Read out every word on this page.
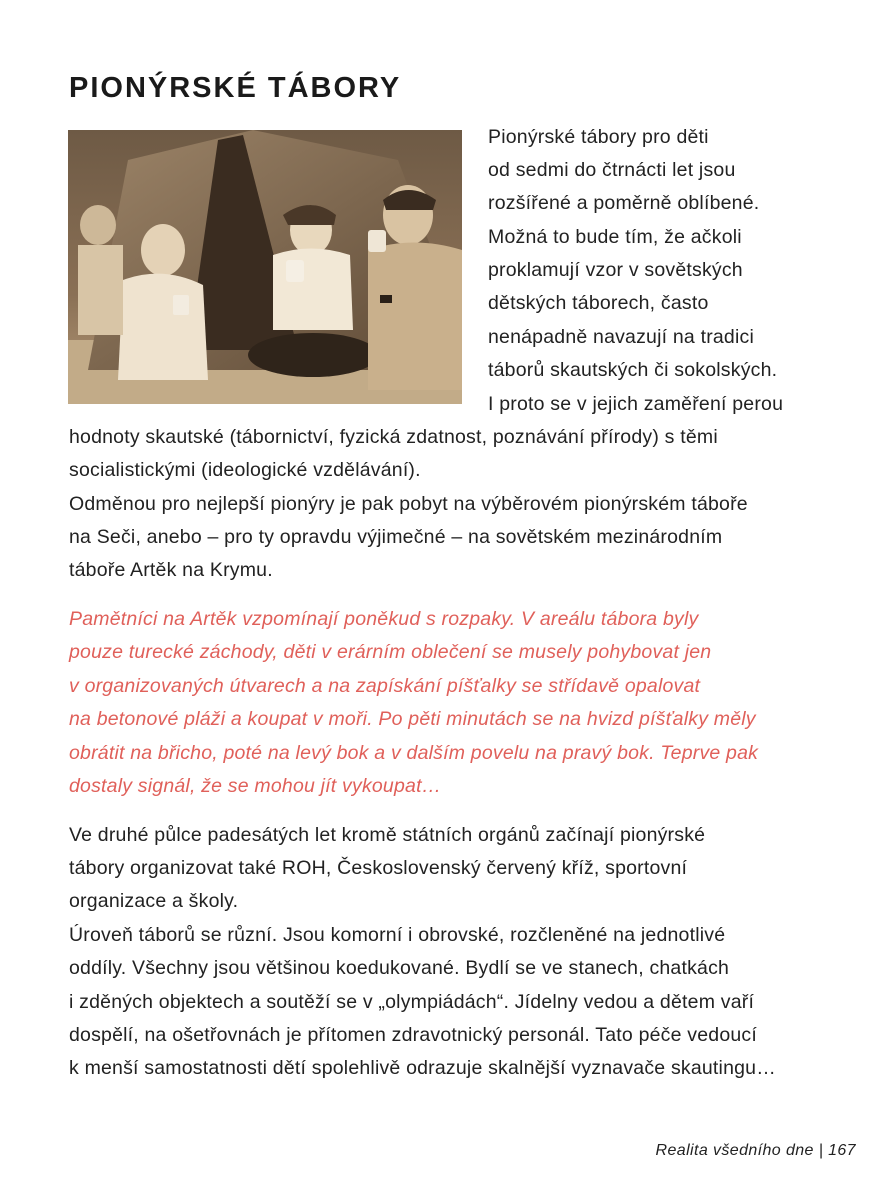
PIONÝRSKÉ TÁBORY
Pionýrské tábory pro děti
od sedmi do čtrnácti let jsou
rozšířené a poměrně oblíbené.
Možná to bude tím, že ačkoli
proklamují vzor v sovětských
dětských táborech, často
nenápadně navazují na tradici
táborů skautských či sokolských.
I proto se v jejich zaměření perou
hodnoty skautské (tábornictví, fyzická zdatnost, poznávání přírody) s těmi
socialistickými (ideologické vzdělávání).
Odměnou pro nejlepší pionýry je pak pobyt na výběrovém pionýrském táboře
na Seči, anebo – pro ty opravdu výjimečné – na sovětském mezinárodním
táboře Artěk na Krymu.
Pamětníci na Artěk vzpomínají poněkud s rozpaky. V areálu tábora byly
pouze turecké záchody, děti v erárním oblečení se musely pohybovat jen
v organizovaných útvarech a na zapískání píšťalky se střídavě opalovat
na betonové pláži a koupat v moři. Po pěti minutách se na hvizd píšťalky měly
obrátit na břicho, poté na levý bok a v dalším povelu na pravý bok. Teprve pak
dostaly signál, že se mohou jít vykoupat…
Ve druhé půlce padesátých let kromě státních orgánů začínají pionýrské
tábory organizovat také ROH, Československý červený kříž, sportovní
organizace a školy.
Úroveň táborů se různí. Jsou komorní i obrovské, rozčleněné na jednotlivé
oddíly. Všechny jsou většinou koedukované. Bydlí se ve stanech, chatkách
i zděných objektech a soutěží se v „olympiádách“. Jídelny vedou a dětem vaří
dospělí, na ošetřovnách je přítomen zdravotnický personál. Tato péče vedoucí
k menší samostatnosti dětí spolehlivě odrazuje skalnější vyznavače skautingu…
Realita všedního dne | 167
